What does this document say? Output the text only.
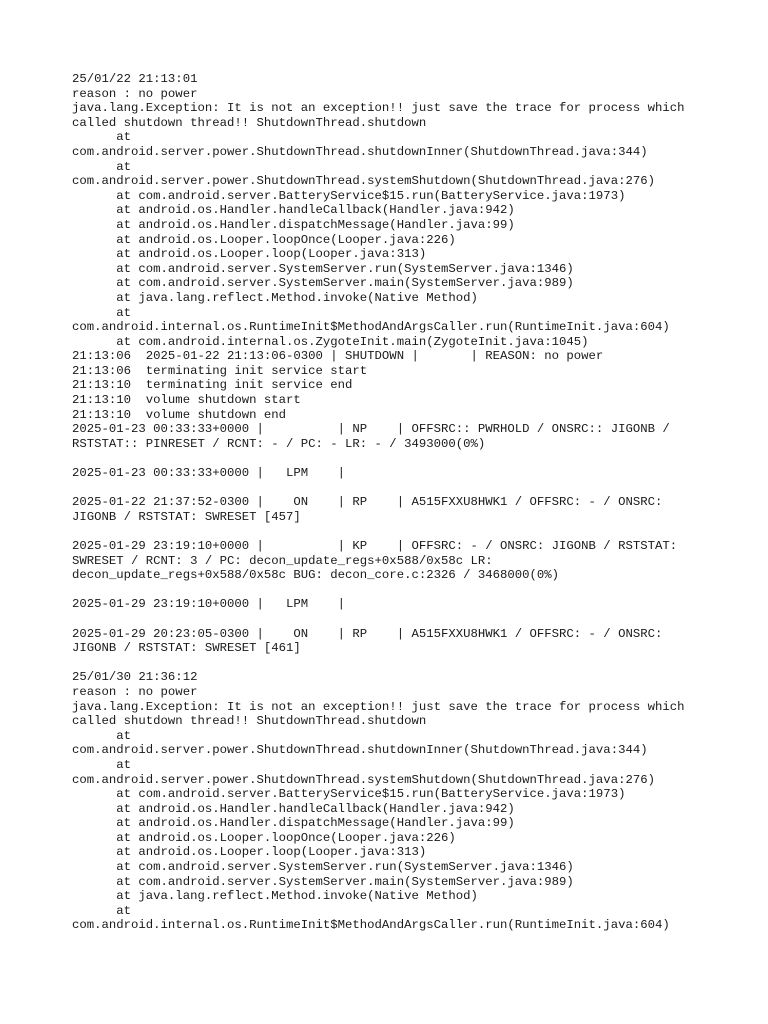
25/01/22 21:13:01
reason : no power
java.lang.Exception: It is not an exception!! just save the trace for process which
called shutdown thread!! ShutdownThread.shutdown
at
com.android.server.power.ShutdownThread.shutdownInner(ShutdownThread.java:344)
at
com.android.server.power.ShutdownThread.systemShutdown(ShutdownThread.java:276)
at com.android.server.BatteryService$15.run(BatteryService.java:1973)
at android.os.Handler.handleCallback(Handler.java:942)
at android.os.Handler.dispatchMessage(Handler.java:99)
at android.os.Looper.loopOnce(Looper.java:226)
at android.os.Looper.loop(Looper.java:313)
at com.android.server.SystemServer.run(SystemServer.java:1346)
at com.android.server.SystemServer.main(SystemServer.java:989)
at java.lang.reflect.Method.invoke(Native Method)
at
com.android.internal.os.RuntimeInit$MethodAndArgsCaller.run(RuntimeInit.java:604)
at com.android.internal.os.ZygoteInit.main(ZygoteInit.java:1045)
21:13:06  2025-01-22 21:13:06-0300 | SHUTDOWN |       | REASON: no power
21:13:06  terminating init service start
21:13:10  terminating init service end
21:13:10  volume shutdown start
21:13:10  volume shutdown end
2025-01-23 00:33:33+0000 |          | NP    | OFFSRC:: PWRHOLD / ONSRC:: JIGONB /
RSTSTAT:: PINRESET / RCNT: - / PC: - LR: - / 3493000(0%)
2025-01-23 00:33:33+0000 |   LPM    |
2025-01-22 21:37:52-0300 |    ON    | RP    | A515FXXU8HWK1 / OFFSRC: - / ONSRC:
JIGONB / RSTSTAT: SWRESET [457]
2025-01-29 23:19:10+0000 |          | KP    | OFFSRC: - / ONSRC: JIGONB / RSTSTAT:
SWRESET / RCNT: 3 / PC: decon_update_regs+0x588/0x58c LR:
decon_update_regs+0x588/0x58c BUG: decon_core.c:2326 / 3468000(0%)
2025-01-29 23:19:10+0000 |   LPM    |
2025-01-29 20:23:05-0300 |    ON    | RP    | A515FXXU8HWK1 / OFFSRC: - / ONSRC:
JIGONB / RSTSTAT: SWRESET [461]
25/01/30 21:36:12
reason : no power
java.lang.Exception: It is not an exception!! just save the trace for process which
called shutdown thread!! ShutdownThread.shutdown
at
com.android.server.power.ShutdownThread.shutdownInner(ShutdownThread.java:344)
at
com.android.server.power.ShutdownThread.systemShutdown(ShutdownThread.java:276)
at com.android.server.BatteryService$15.run(BatteryService.java:1973)
at android.os.Handler.handleCallback(Handler.java:942)
at android.os.Handler.dispatchMessage(Handler.java:99)
at android.os.Looper.loopOnce(Looper.java:226)
at android.os.Looper.loop(Looper.java:313)
at com.android.server.SystemServer.run(SystemServer.java:1346)
at com.android.server.SystemServer.main(SystemServer.java:989)
at java.lang.reflect.Method.invoke(Native Method)
at
com.android.internal.os.RuntimeInit$MethodAndArgsCaller.run(RuntimeInit.java:604)
